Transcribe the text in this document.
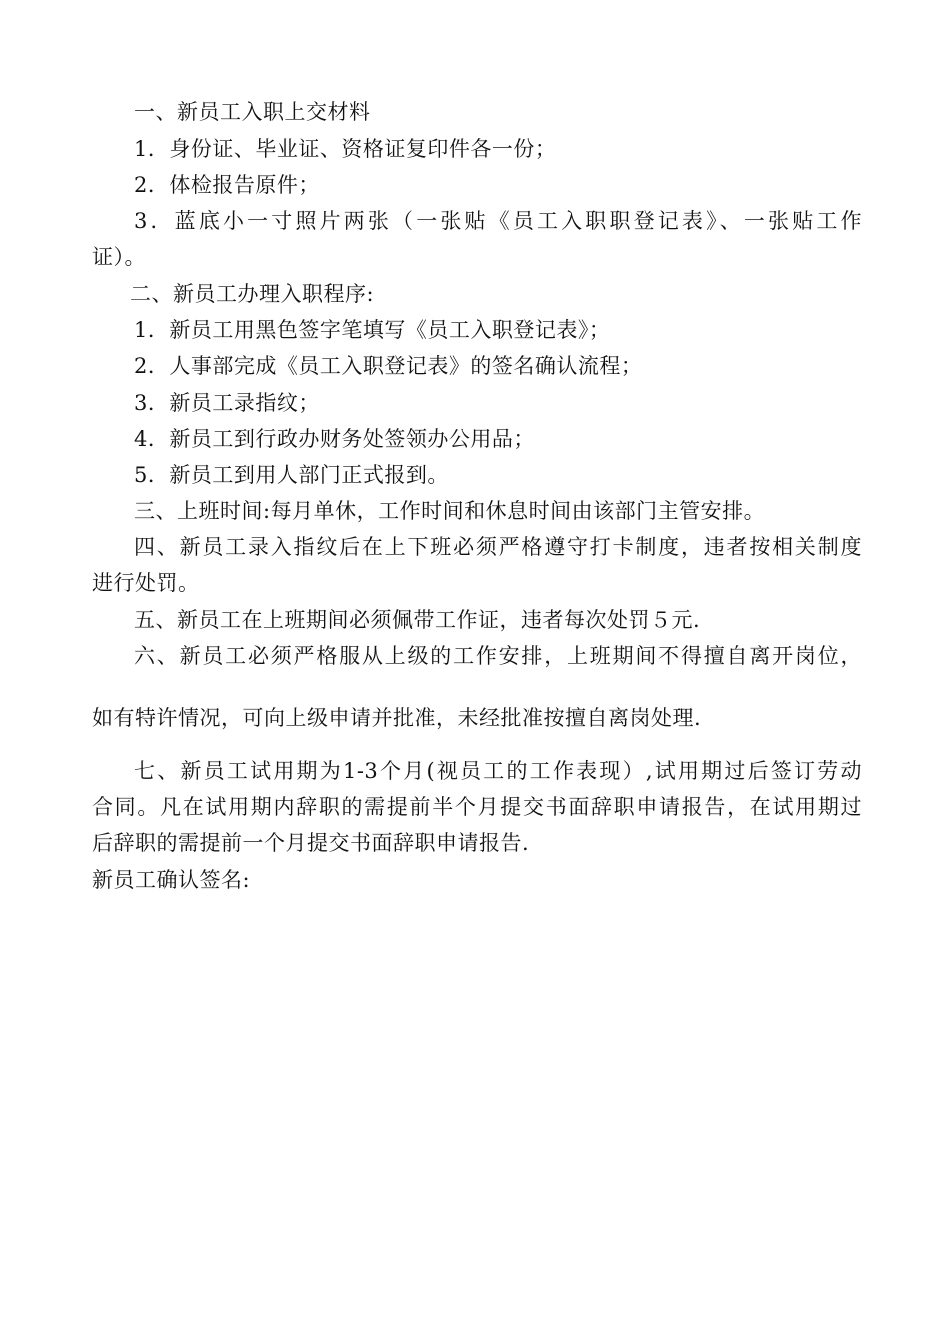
一、新员工入职上交材料
1．身份证、毕业证、资格证复印件各一份；
2．体检报告原件；
3．蓝底小一寸照片两张（一张贴《员工入职职登记表》、一张贴工作
证）。
二、新员工办理入职程序:
1．新员工用黑色签字笔填写《员工入职登记表》；
2．人事部完成《员工入职登记表》的签名确认流程；
3．新员工录指纹；
4．新员工到行政办财务处签领办公用品；
5．新员工到用人部门正式报到。
三、上班时间:每月单休，工作时间和休息时间由该部门主管安排。
四、新员工录入指纹后在上下班必须严格遵守打卡制度，违者按相关制度
进行处罚。
五、新员工在上班期间必须佩带工作证，违者每次处罚５元.
六、新员工必须严格服从上级的工作安排，上班期间不得擅自离开岗位，
如有特许情况，可向上级申请并批准，未经批准按擅自离岗处理.
七、新员工试用期为1-3个月(视员工的工作表现）,试用期过后签订劳动
合同。凡在试用期内辞职的需提前半个月提交书面辞职申请报告，在试用期过
后辞职的需提前一个月提交书面辞职申请报告.
新员工确认签名:
